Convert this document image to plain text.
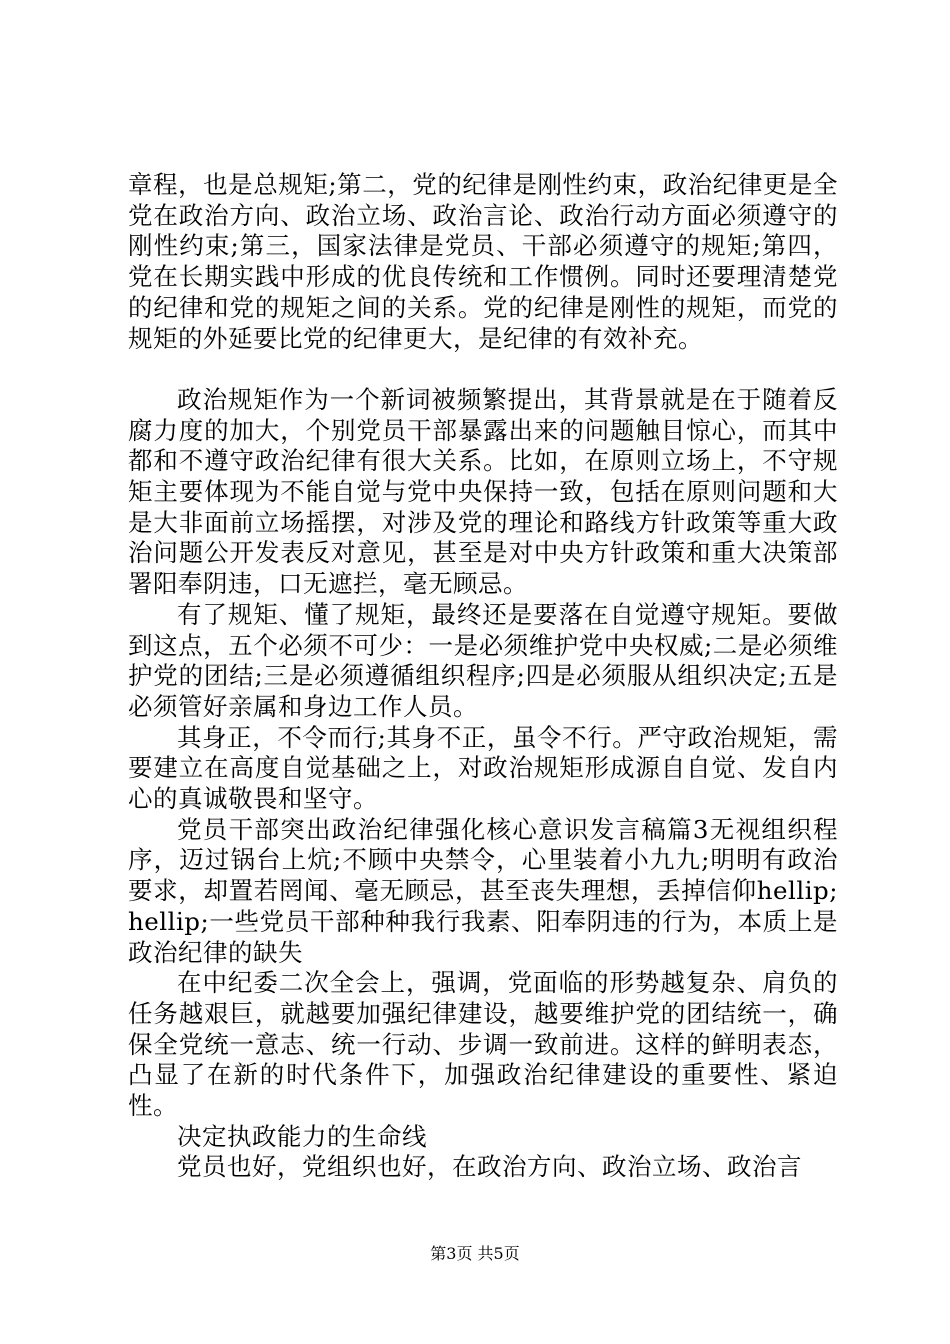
章程，也是总规矩;第二，党的纪律是刚性约束，政治纪律更是全党在政治方向、政治立场、政治言论、政治行动方面必须遵守的刚性约束;第三，国家法律是党员、干部必须遵守的规矩;第四，党在长期实践中形成的优良传统和工作惯例。同时还要理清楚党的纪律和党的规矩之间的关系。党的纪律是刚性的规矩，而党的规矩的外延要比党的纪律更大，是纪律的有效补充。

政治规矩作为一个新词被频繁提出，其背景就是在于随着反腐力度的加大，个别党员干部暴露出来的问题触目惊心，而其中都和不遵守政治纪律有很大关系。比如，在原则立场上，不守规矩主要体现为不能自觉与党中央保持一致，包括在原则问题和大是大非面前立场摇摆，对涉及党的理论和路线方针政策等重大政治问题公开发表反对意见，甚至是对中央方针政策和重大决策部署阳奉阴违，口无遮拦，毫无顾忌。

有了规矩、懂了规矩，最终还是要落在自觉遵守规矩。要做到这点，五个必须不可少：一是必须维护党中央权威;二是必须维护党的团结;三是必须遵循组织程序;四是必须服从组织决定;五是必须管好亲属和身边工作人员。

其身正，不令而行;其身不正，虽令不行。严守政治规矩，需要建立在高度自觉基础之上，对政治规矩形成源自自觉、发自内心的真诚敬畏和坚守。

党员干部突出政治纪律强化核心意识发言稿篇3无视组织程序，迈过锅台上炕;不顾中央禁令，心里装着小九九;明明有政治要求，却置若罔闻、毫无顾忌，甚至丧失理想，丢掉信仰hellip;hellip;一些党员干部种种我行我素、阳奉阴违的行为，本质上是政治纪律的缺失

在中纪委二次全会上，强调，党面临的形势越复杂、肩负的任务越艰巨，就越要加强纪律建设，越要维护党的团结统一，确保全党统一意志、统一行动、步调一致前进。这样的鲜明表态，凸显了在新的时代条件下，加强政治纪律建设的重要性、紧迫性。

决定执政能力的生命线

党员也好，党组织也好，在政治方向、政治立场、政治言

第3页 共5页
